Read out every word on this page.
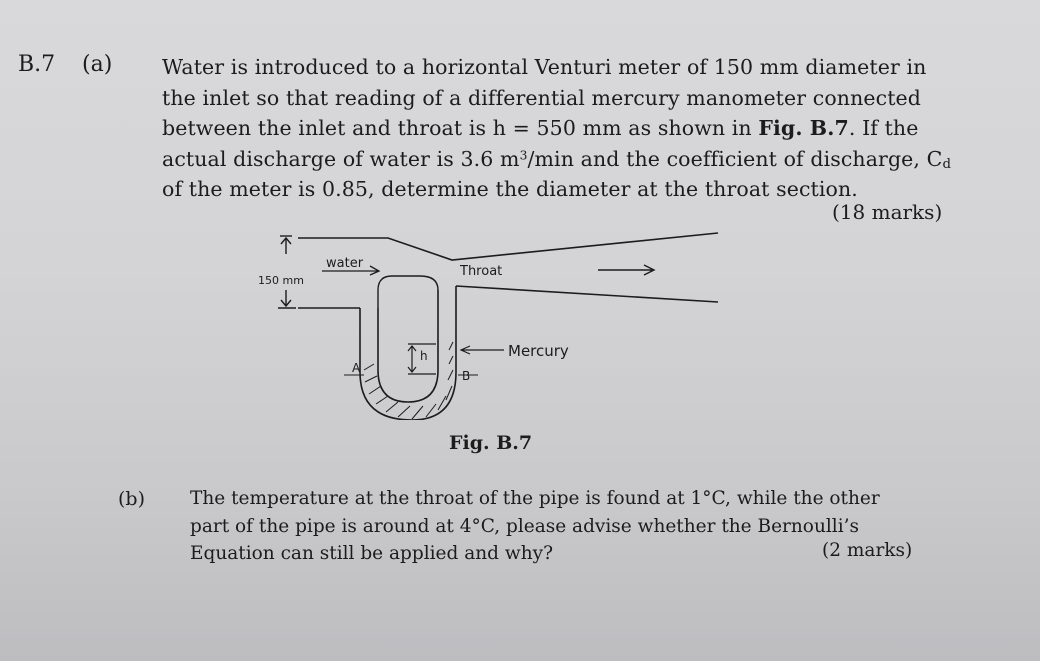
B.7 (a) Water is introduced to a horizontal Venturi meter of 150 mm diameter in
the inlet so that reading of a differential mercury manometer connected
between the inlet and throat is h = 550 mm as shown in Fig. B.7. If the
actual discharge of water is 3.6 $m^3/\min$ and the coefficient of discharge, $C_d$
of the meter is 0.85, determine the diameter at the throat section.
(18 marks)
150 mm
water
Throat
h	Mercury
A
B
Fig. B.7
(b) The temperature at the throat of the pipe is found at 1°C, while the other
part of the pipe is around at 4°C, please advise whether the Bernoulli’s
Equation can still be applied and why?	(2 marks)
